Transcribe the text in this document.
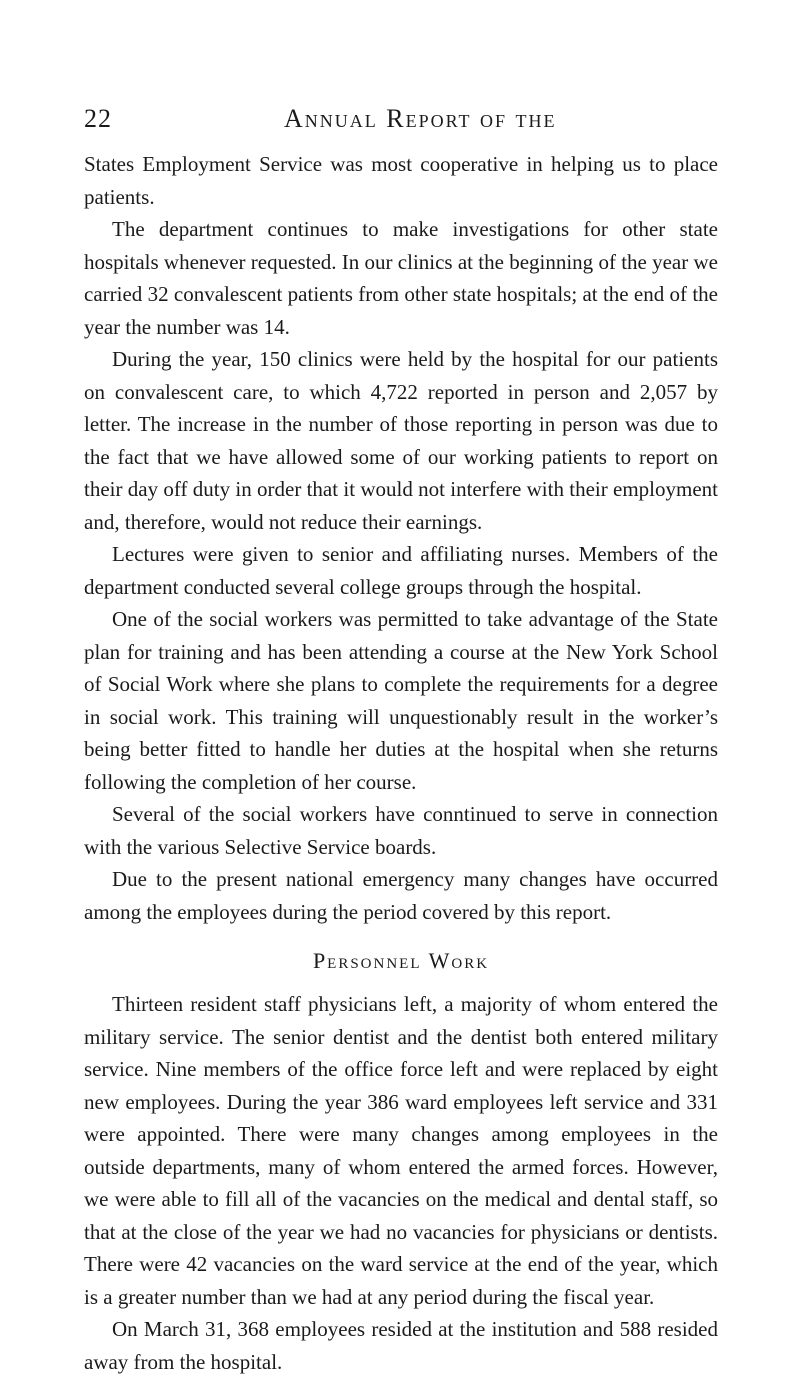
22	Annual Report of the

States Employment Service was most cooperative in helping us to place patients.

The department continues to make investigations for other state hospitals whenever requested. In our clinics at the beginning of the year we carried 32 convalescent patients from other state hospitals; at the end of the year the number was 14.

During the year, 150 clinics were held by the hospital for our patients on convalescent care, to which 4,722 reported in person and 2,057 by letter. The increase in the number of those reporting in person was due to the fact that we have allowed some of our working patients to report on their day off duty in order that it would not interfere with their employment and, therefore, would not reduce their earnings.

Lectures were given to senior and affiliating nurses. Members of the department conducted several college groups through the hospital.

One of the social workers was permitted to take advantage of the State plan for training and has been attending a course at the New York School of Social Work where she plans to complete the requirements for a degree in social work. This training will unquestionably result in the worker’s being better fitted to handle her duties at the hospital when she returns following the completion of her course.

Several of the social workers have conntinued to serve in connection with the various Selective Service boards.

Due to the present national emergency many changes have occurred among the employees during the period covered by this report.

Personnel Work

Thirteen resident staff physicians left, a majority of whom entered the military service. The senior dentist and the dentist both entered military service. Nine members of the office force left and were replaced by eight new employees. During the year 386 ward employees left service and 331 were appointed. There were many changes among employees in the outside departments, many of whom entered the armed forces. However, we were able to fill all of the vacancies on the medical and dental staff, so that at the close of the year we had no vacancies for physicians or dentists. There were 42 vacancies on the ward service at the end of the year, which is a greater number than we had at any period during the fiscal year.

On March 31, 368 employees resided at the institution and 588 resided away from the hospital.
